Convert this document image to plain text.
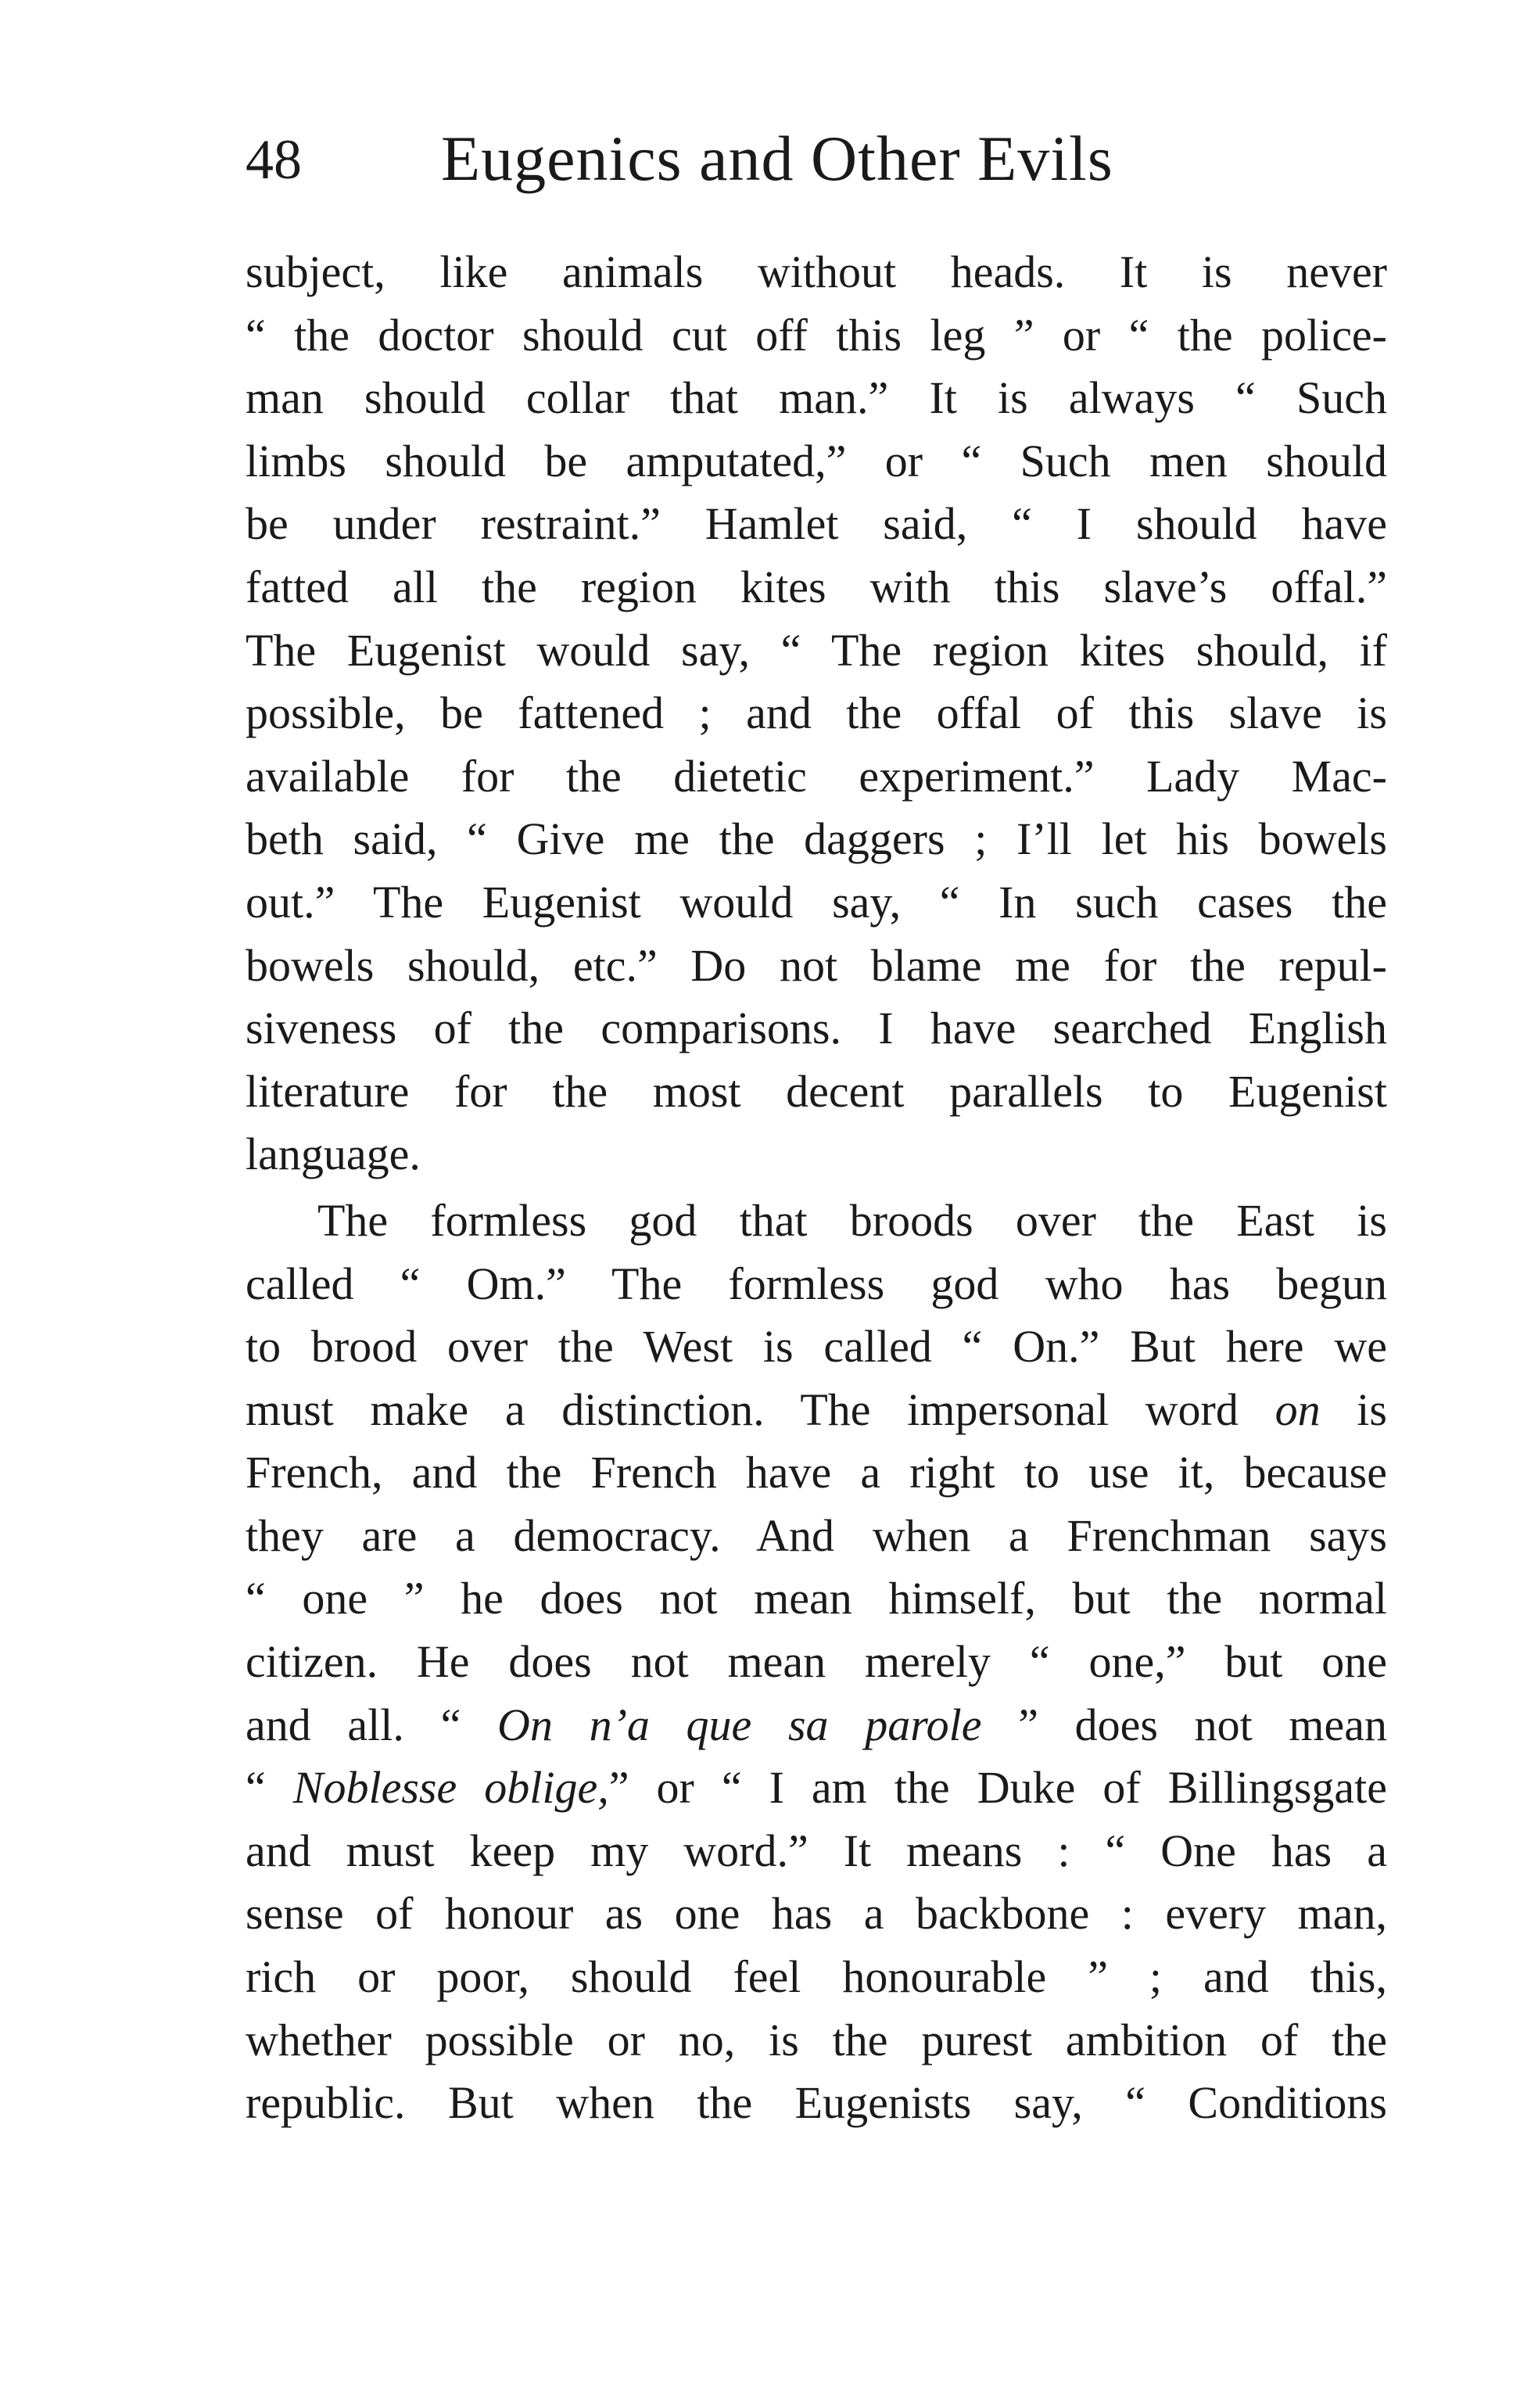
48 Eugenics and Other Evils

subject, like animals without heads. It is never
“ the doctor should cut off this leg ” or “ the police-
man should collar that man.” It is always “ Such
limbs should be amputated,” or “ Such men should
be under restraint.” Hamlet said, “ I should have
fatted all the region kites with this slave’s offal.”
The Eugenist would say, “ The region kites should, if
possible, be fattened ; and the offal of this slave is
available for the dietetic experiment.” Lady Mac-
beth said, “ Give me the daggers ; I’ll let his bowels
out.” The Eugenist would say, “ In such cases the
bowels should, etc.” Do not blame me for the repul-
siveness of the comparisons. I have searched English
literature for the most decent parallels to Eugenist
language.

The formless god that broods over the East is
called “ Om.” The formless god who has begun
to brood over the West is called “ On.” But here we
must make a distinction. The impersonal word on is
French, and the French have a right to use it, because
they are a democracy. And when a Frenchman says
“ one ” he does not mean himself, but the normal
citizen. He does not mean merely “ one,” but one
and all. “ On n’a que sa parole ” does not mean
“ Noblesse oblige,” or “ I am the Duke of Billingsgate
and must keep my word.” It means : “ One has a
sense of honour as one has a backbone : every man,
rich or poor, should feel honourable ” ; and this,
whether possible or no, is the purest ambition of the
republic. But when the Eugenists say, “ Conditions
